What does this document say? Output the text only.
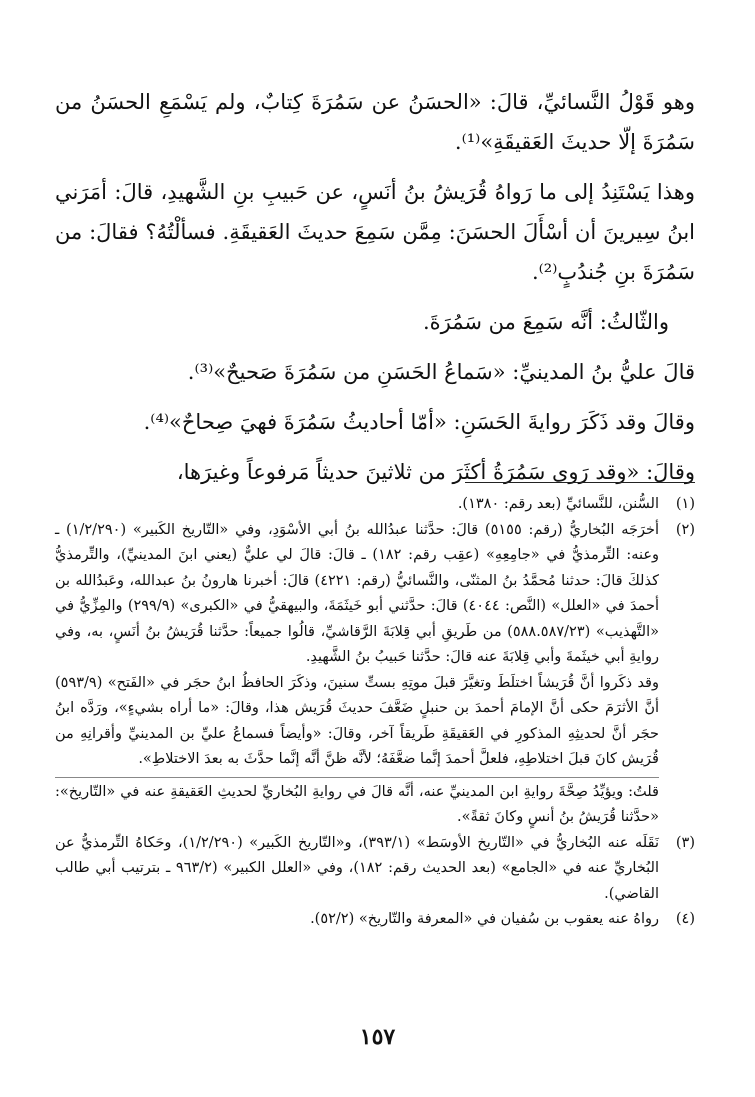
وهو قَوْلُ النَّسائيِّ، قالَ: «الحسَنُ عن سَمُرَةَ كِتابٌ، ولم يَسْمَعِ الحسَنُ من سَمُرَةَ إلّا حديثَ العَقيقَةِ»⁽¹⁾.

وهذا يَسْتَنِدُ إلى ما رَواهُ قُرَيشُ بنُ أنَسٍ، عن حَبيبِ بنِ الشَّهيدِ، قالَ: أمَرَني ابنُ سِيرينَ أن أسْأَلَ الحسَنَ: مِمَّن سَمِعَ حديثَ العَقيقَةِ. فسألْتُهُ؟ فقالَ: من سَمُرَةَ بنِ جُندُبٍ⁽²⁾.

والثّالثُ: أنَّه سَمِعَ من سَمُرَةَ.

قالَ عليُّ بنُ المدينيِّ: «سَماعُ الحَسَنِ من سَمُرَةَ صَحيحٌ»⁽³⁾.

وقالَ وقد ذَكَرَ روايةَ الحَسَنِ: «أمّا أحاديثُ سَمُرَةَ فهيَ صِحاحٌ»⁽⁴⁾.

وقالَ: «وقد رَوى سَمُرَةُ أكثَرَ من ثلاثينَ حديثاً مَرفوعاً وغيرَها،

(١)
السُّنن، للنَّسائيِّ (بعد رقم: ١٣٨٠).
(٢)
أخرَجَه البُخاريُّ (رقم: ٥١٥٥) قالَ: حدَّثنا عبدُالله بنُ أبي الأسْوَدِ، وفي «التّاريخ الكَبير» (١/٢/٢٩٠) ـ وعنه: التِّرمذيُّ في «جامِعِهِ» (عقِب رقم: ١٨٢) ـ قالَ: قالَ لي عليٌّ (يعني ابنَ المدينيِّ)، والتِّرمذيُّ كذلكَ قالَ: حدثنا مُحمَّدُ بنُ المثنّى، والنَّسائيُّ (رقم: ٤٢٢١) قالَ: أخبرنا هارونُ بنُ عبدالله، وعَبدُالله بن أحمدَ في «العلل» (النَّص: ٤٠٤٤) قالَ: حدَّثني أبو خَيثَمَةَ، والبيهقيُّ في «الكبرى» (٢٩٩/٩) والمِزِّيُّ في «التَّهذيب» (٥٨٨.٥٨٧/٢٣) من طَريقِ أبي قِلابَةَ الرَّقاشيِّ، قالُوا جميعاً: حدَّثنا قُرَيشُ بنُ أنَسٍ، به، وفي روايةِ أبي خيثَمةَ وأبي قِلابَةَ عنه قالَ: حدَّثنا حَبيبُ بنُ الشَّهيدِ.
وقد ذكَروا أنَّ قُرَيشاً اختلَطَ وتغيَّرَ قبلَ موتِهِ بستِّ سنينَ، وذكَرَ الحافظُ ابنُ حجَر في «الفَتح» (٥٩٣/٩) أنَّ الأثرَمَ حكى أنَّ الإمامَ أحمدَ بن حنبلٍ ضَعَّفَ حديثَ قُرَيش هذا، وقالَ: «ما أراه بشيءٍ»، ورَدَّه ابنُ حجَر أنَّ لحديثِهِ المذكورِ في العَقيقَةِ طَريقاً آخر، وقالَ: «وأيضاً فسماعُ عليِّ بن المدينيِّ وأقرانِهِ من قُرَيش كانَ قبلَ اختلاطِهِ، فلعلَّ أحمدَ إنَّما ضعَّفَهُ؛ لأنَّه ظنَّ أنَّه إنَّما حدَّثَ به بعدَ الاختلاطِ».
قلتُ: ويؤيِّدُ صِحَّةَ روايةِ ابن المدينيِّ عنه، أنَّه قالَ في روايةِ البُخاريِّ لحديثِ العَقيقةِ عنه في «التّاريخ»: «حدَّثنا قُرَيشُ بنُ أنسٍ وكانَ ثقةً».
(٣)
نَقَلَه عنه البُخاريُّ في «التّاريخ الأوسَط» (٣٩٣/١)، و«التّاريخ الكَبير» (١/٢/٢٩٠)، وحَكاهُ التِّرمذيُّ عن البُخاريِّ عنه في «الجامع» (بعد الحديث رقم: ١٨٢)، وفي «العلل الكبير» (٩٦٣/٢ ـ بترتيب أبي طالب القاضي).
(٤)
رواهُ عنه يعقوب بن سُفيان في «المعرفة والتّاريخ» (٥٢/٢).
١٥٧
